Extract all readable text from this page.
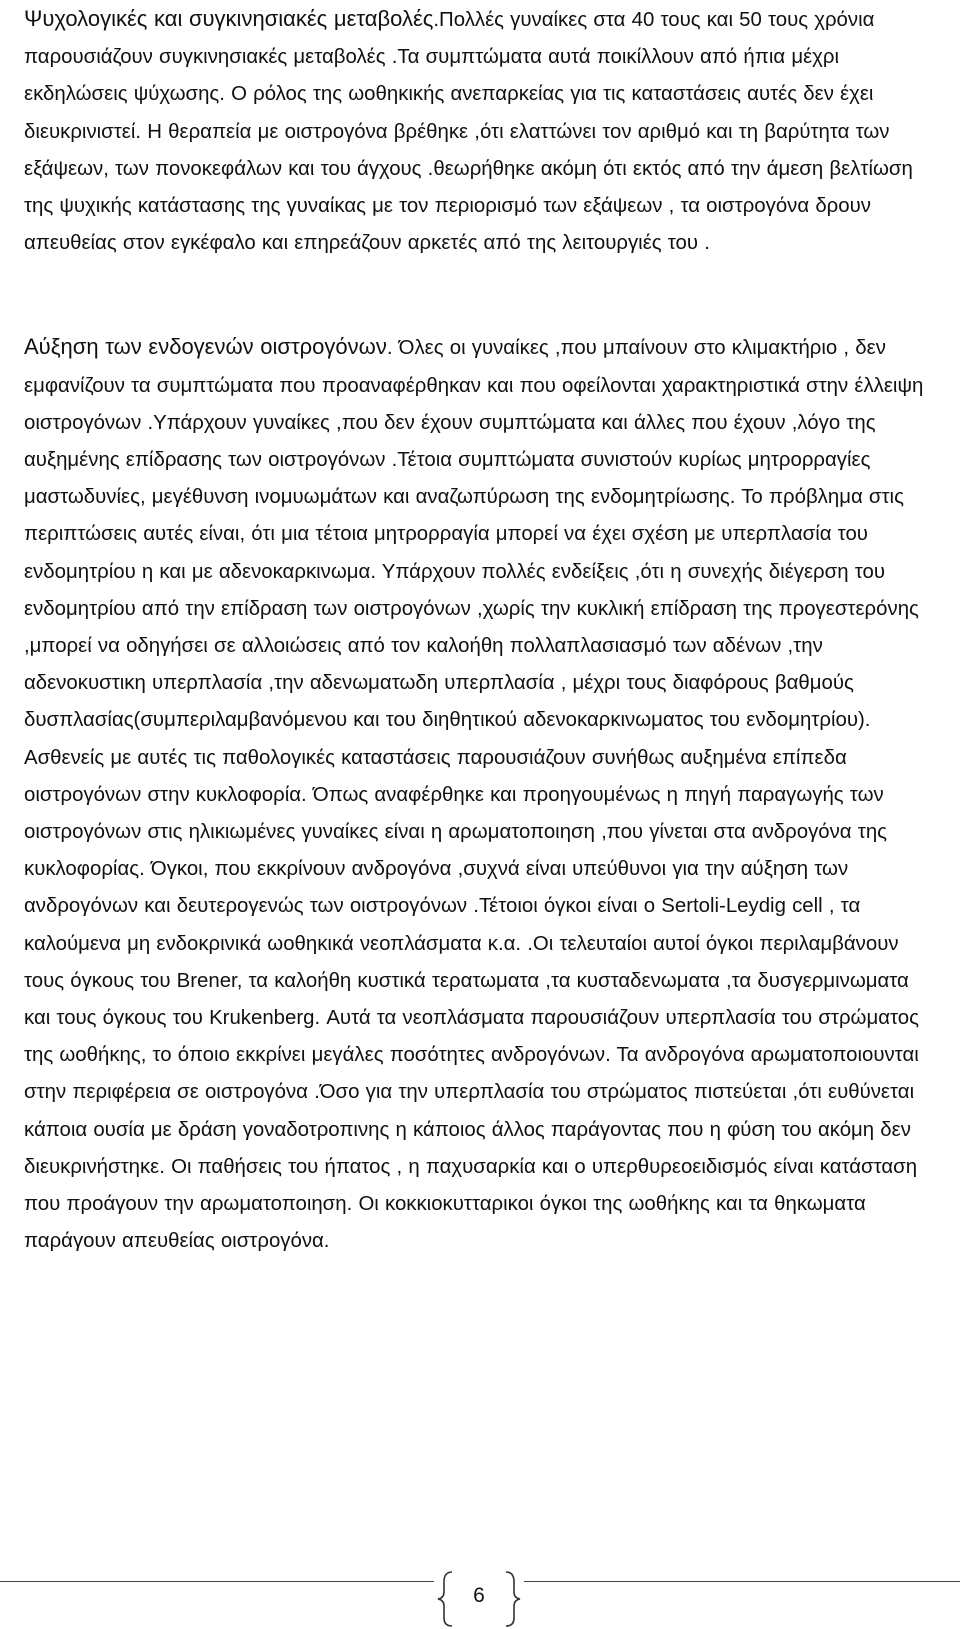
Ψυχολογικές και συγκινησιακές μεταβολές.Πολλές γυναίκες στα 40 τους και 50 τους χρόνια παρουσιάζουν συγκινησιακές μεταβολές .Τα συμπτώματα αυτά ποικίλλουν από ήπια μέχρι εκδηλώσεις ψύχωσης. Ο ρόλος της ωοθηκικής ανεπαρκείας για τις καταστάσεις αυτές δεν έχει διευκρινιστεί. Η θεραπεία με οιστρογόνα βρέθηκε ,ότι ελαττώνει τον αριθμό και τη βαρύτητα των εξάψεων, των πονοκεφάλων και του άγχους .θεωρήθηκε ακόμη ότι εκτός από την άμεση βελτίωση της ψυχικής κατάστασης της γυναίκας με τον περιορισμό των εξάψεων , τα οιστρογόνα δρουν απευθείας στον εγκέφαλο και επηρεάζουν αρκετές από της λειτουργιές του .

Αύξηση των ενδογενών οιστρογόνων. Όλες οι γυναίκες ,που μπαίνουν στο κλιμακτήριο , δεν εμφανίζουν τα συμπτώματα που προαναφέρθηκαν και που οφείλονται χαρακτηριστικά στην έλλειψη οιστρογόνων .Υπάρχουν γυναίκες ,που δεν έχουν συμπτώματα και άλλες που έχουν ,λόγο της αυξημένης επίδρασης των οιστρογόνων .Τέτοια συμπτώματα συνιστούν κυρίως μητρορραγίες μαστωδυνίες, μεγέθυνση ινομυωμάτων και αναζωπύρωση της ενδομητρίωσης. Το πρόβλημα στις περιπτώσεις αυτές είναι, ότι μια τέτοια μητρορραγία μπορεί να έχει σχέση με υπερπλασία του ενδομητρίου η και με αδενοκαρκινωμα. Υπάρχουν πολλές ενδείξεις ,ότι η συνεχής διέγερση του ενδομητρίου από την επίδραση των οιστρογόνων ,χωρίς την κυκλική επίδραση της προγεστερόνης ,μπορεί να οδηγήσει σε αλλοιώσεις από τον καλοήθη πολλαπλασιασμό των αδένων ,την αδενοκυστικη υπερπλασία ,την αδενωματωδη υπερπλασία , μέχρι τους διαφόρους βαθμούς δυσπλασίας(συμπεριλαμβανόμενου και του διηθητικού αδενοκαρκινωματος του ενδομητρίου). Ασθενείς με αυτές τις παθολογικές καταστάσεις παρουσιάζουν συνήθως αυξημένα επίπεδα οιστρογόνων στην κυκλοφορία. Όπως αναφέρθηκε και προηγουμένως η πηγή παραγωγής των οιστρογόνων στις ηλικιωμένες γυναίκες είναι η αρωματοποιηση ,που γίνεται στα ανδρογόνα της κυκλοφορίας. Όγκοι, που εκκρίνουν ανδρογόνα ,συχνά είναι υπεύθυνοι για την αύξηση των ανδρογόνων και δευτερογενώς των οιστρογόνων .Τέτοιοι όγκοι είναι ο Sertoli-Leydig cell , τα καλούμενα μη ενδοκρινικά ωοθηκικά νεοπλάσματα κ.α. .Οι τελευταίοι αυτοί όγκοι περιλαμβάνουν τους όγκους του Brener, τα καλοήθη κυστικά τερατωματα ,τα κυσταδενωματα ,τα δυσγερμινωματα και τους όγκους του Krukenberg. Αυτά τα νεοπλάσματα παρουσιάζουν υπερπλασία του στρώματος της ωοθήκης, το όποιο εκκρίνει μεγάλες ποσότητες ανδρογόνων. Τα ανδρογόνα αρωματοποιουνται στην περιφέρεια σε οιστρογόνα .Όσο για την υπερπλασία του στρώματος πιστεύεται ,ότι ευθύνεται κάποια ουσία με δράση γοναδοτροπινης η κάποιος άλλος παράγοντας που η φύση του ακόμη δεν διευκρινήστηκε. Οι παθήσεις του ήπατος , η παχυσαρκία και ο υπερθυρεοειδισμός είναι κατάσταση που προάγουν την αρωματοποιηση. Οι κοκκιοκυτταρικοι όγκοι της ωοθήκης και τα θηκωματα παράγουν απευθείας οιστρογόνα.

6
